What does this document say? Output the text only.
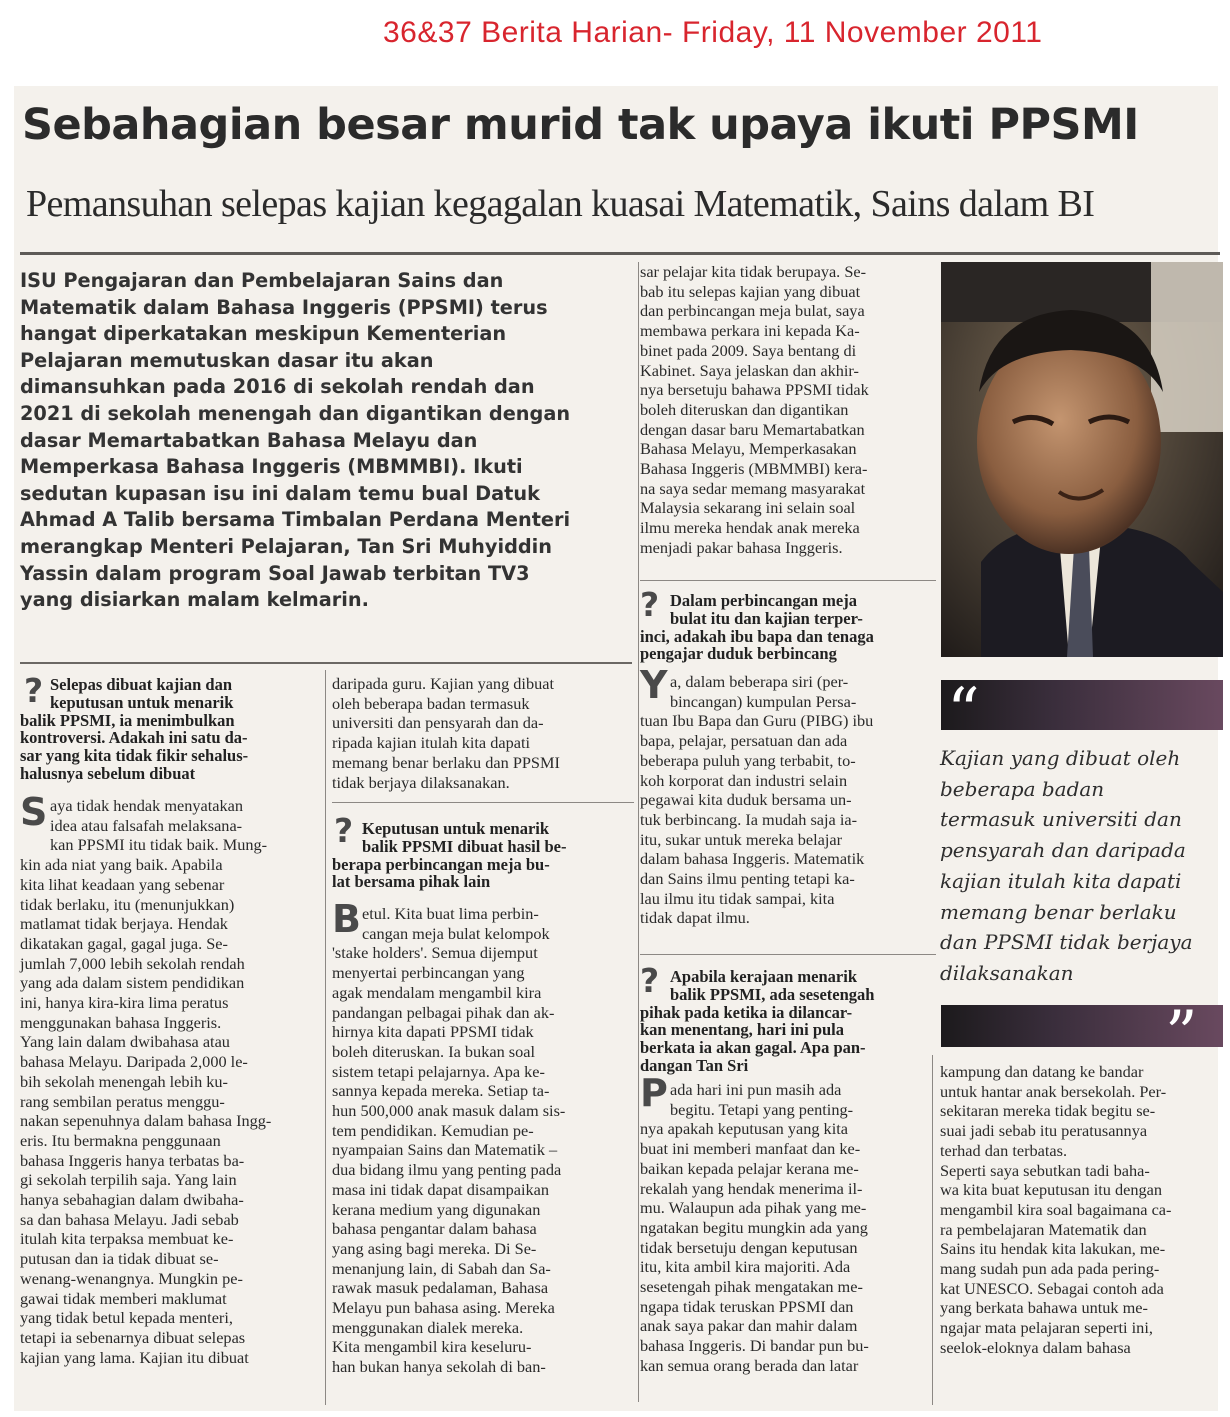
36&37 Berita Harian- Friday, 11 November 2011
Sebahagian besar murid tak upaya ikuti PPSMI
Pemansuhan selepas kajian kegagalan kuasai Matematik, Sains dalam BI
ISU Pengajaran dan Pembelajaran Sains dan
Matematik dalam Bahasa Inggeris (PPSMI) terus
hangat diperkatakan meskipun Kementerian
Pelajaran memutuskan dasar itu akan
dimansuhkan pada 2016 di sekolah rendah dan
2021 di sekolah menengah dan digantikan dengan
dasar Memartabatkan Bahasa Melayu dan
Memperkasa Bahasa Inggeris (MBMMBI). Ikuti
sedutan kupasan isu ini dalam temu bual Datuk
Ahmad A Talib bersama Timbalan Perdana Menteri
merangkap Menteri Pelajaran, Tan Sri Muhyiddin
Yassin dalam program Soal Jawab terbitan TV3
yang disiarkan malam kelmarin.
? Selepas dibuat kajian dan
keputusan untuk menarik
balik PPSMI, ia menimbulkan
kontroversi. Adakah ini satu da-
sar yang kita tidak fikir sehalus-
halusnya sebelum dibuat
S aya tidak hendak menyatakan
idea atau falsafah melaksana-
kan PPSMI itu tidak baik. Mung-
kin ada niat yang baik. Apabila
kita lihat keadaan yang sebenar
tidak berlaku, itu (menunjukkan)
matlamat tidak berjaya. Hendak
dikatakan gagal, gagal juga. Se-
jumlah 7,000 lebih sekolah rendah
yang ada dalam sistem pendidikan
ini, hanya kira-kira lima peratus
menggunakan bahasa Inggeris.
Yang lain dalam dwibahasa atau
bahasa Melayu. Daripada 2,000 le-
bih sekolah menengah lebih ku-
rang sembilan peratus menggu-
nakan sepenuhnya dalam bahasa Ingg-
eris. Itu bermakna penggunaan
bahasa Inggeris hanya terbatas ba-
gi sekolah terpilih saja. Yang lain
hanya sebahagian dalam dwibaha-
sa dan bahasa Melayu. Jadi sebab
itulah kita terpaksa membuat ke-
putusan dan ia tidak dibuat se-
wenang-wenangnya. Mungkin pe-
gawai tidak memberi maklumat
yang tidak betul kepada menteri,
tetapi ia sebenarnya dibuat selepas
kajian yang lama. Kajian itu dibuat
daripada guru. Kajian yang dibuat
oleh beberapa badan termasuk
universiti dan pensyarah dan da-
ripada kajian itulah kita dapati
memang benar berlaku dan PPSMI
tidak berjaya dilaksanakan.
? Keputusan untuk menarik
balik PPSMI dibuat hasil be-
berapa perbincangan meja bu-
lat bersama pihak lain
B etul. Kita buat lima perbin-
cangan meja bulat kelompok
'stake holders'. Semua dijemput
menyertai perbincangan yang
agak mendalam mengambil kira
pandangan pelbagai pihak dan ak-
hirnya kita dapati PPSMI tidak
boleh diteruskan. Ia bukan soal
sistem tetapi pelajarnya. Apa ke-
sannya kepada mereka. Setiap ta-
hun 500,000 anak masuk dalam sis-
tem pendidikan. Kemudian pe-
nyampaian Sains dan Matematik –
dua bidang ilmu yang penting pada
masa ini tidak dapat disampaikan
kerana medium yang digunakan
bahasa pengantar dalam bahasa
yang asing bagi mereka. Di Se-
menanjung lain, di Sabah dan Sa-
rawak masuk pedalaman, Bahasa
Melayu pun bahasa asing. Mereka
menggunakan dialek mereka.
Kita mengambil kira keseluru-
han bukan hanya sekolah di ban-
sar pelajar kita tidak berupaya. Se-
bab itu selepas kajian yang dibuat
dan perbincangan meja bulat, saya
membawa perkara ini kepada Ka-
binet pada 2009. Saya bentang di
Kabinet. Saya jelaskan dan akhir-
nya bersetuju bahawa PPSMI tidak
boleh diteruskan dan digantikan
dengan dasar baru Memartabatkan
Bahasa Melayu, Memperkasakan
Bahasa Inggeris (MBMMBI) kera-
na saya sedar memang masyarakat
Malaysia sekarang ini selain soal
ilmu mereka hendak anak mereka
menjadi pakar bahasa Inggeris.
? Dalam perbincangan meja
bulat itu dan kajian terper-
inci, adakah ibu bapa dan tenaga
pengajar duduk berbincang
Y a, dalam beberapa siri (per-
bincangan) kumpulan Persa-
tuan Ibu Bapa dan Guru (PIBG) ibu
bapa, pelajar, persatuan dan ada
beberapa puluh yang terbabit, to-
koh korporat dan industri selain
pegawai kita duduk bersama un-
tuk berbincang. Ia mudah saja ia-
itu, sukar untuk mereka belajar
dalam bahasa Inggeris. Matematik
dan Sains ilmu penting tetapi ka-
lau ilmu itu tidak sampai, kita
tidak dapat ilmu.
? Apabila kerajaan menarik
balik PPSMI, ada sesetengah
pihak pada ketika ia dilancar-
kan menentang, hari ini pula
berkata ia akan gagal. Apa pan-
dangan Tan Sri
P ada hari ini pun masih ada
begitu. Tetapi yang penting-
nya apakah keputusan yang kita
buat ini memberi manfaat dan ke-
baikan kepada pelajar kerana me-
rekalah yang hendak menerima il-
mu. Walaupun ada pihak yang me-
ngatakan begitu mungkin ada yang
tidak bersetuju dengan keputusan
itu, kita ambil kira majoriti. Ada
sesetengah pihak mengatakan me-
ngapa tidak teruskan PPSMI dan
anak saya pakar dan mahir dalam
bahasa Inggeris. Di bandar pun bu-
kan semua orang berada dan latar
“
Kajian yang dibuat oleh
beberapa badan
termasuk universiti dan
pensyarah dan daripada
kajian itulah kita dapati
memang benar berlaku
dan PPSMI tidak berjaya
dilaksanakan
”
kampung dan datang ke bandar
untuk hantar anak bersekolah. Per-
sekitaran mereka tidak begitu se-
suai jadi sebab itu peratusannya
terhad dan terbatas.
Seperti saya sebutkan tadi baha-
wa kita buat keputusan itu dengan
mengambil kira soal bagaimana ca-
ra pembelajaran Matematik dan
Sains itu hendak kita lakukan, me-
mang sudah pun ada pada pering-
kat UNESCO. Sebagai contoh ada
yang berkata bahawa untuk me-
ngajar mata pelajaran seperti ini,
seelok-eloknya dalam bahasa
